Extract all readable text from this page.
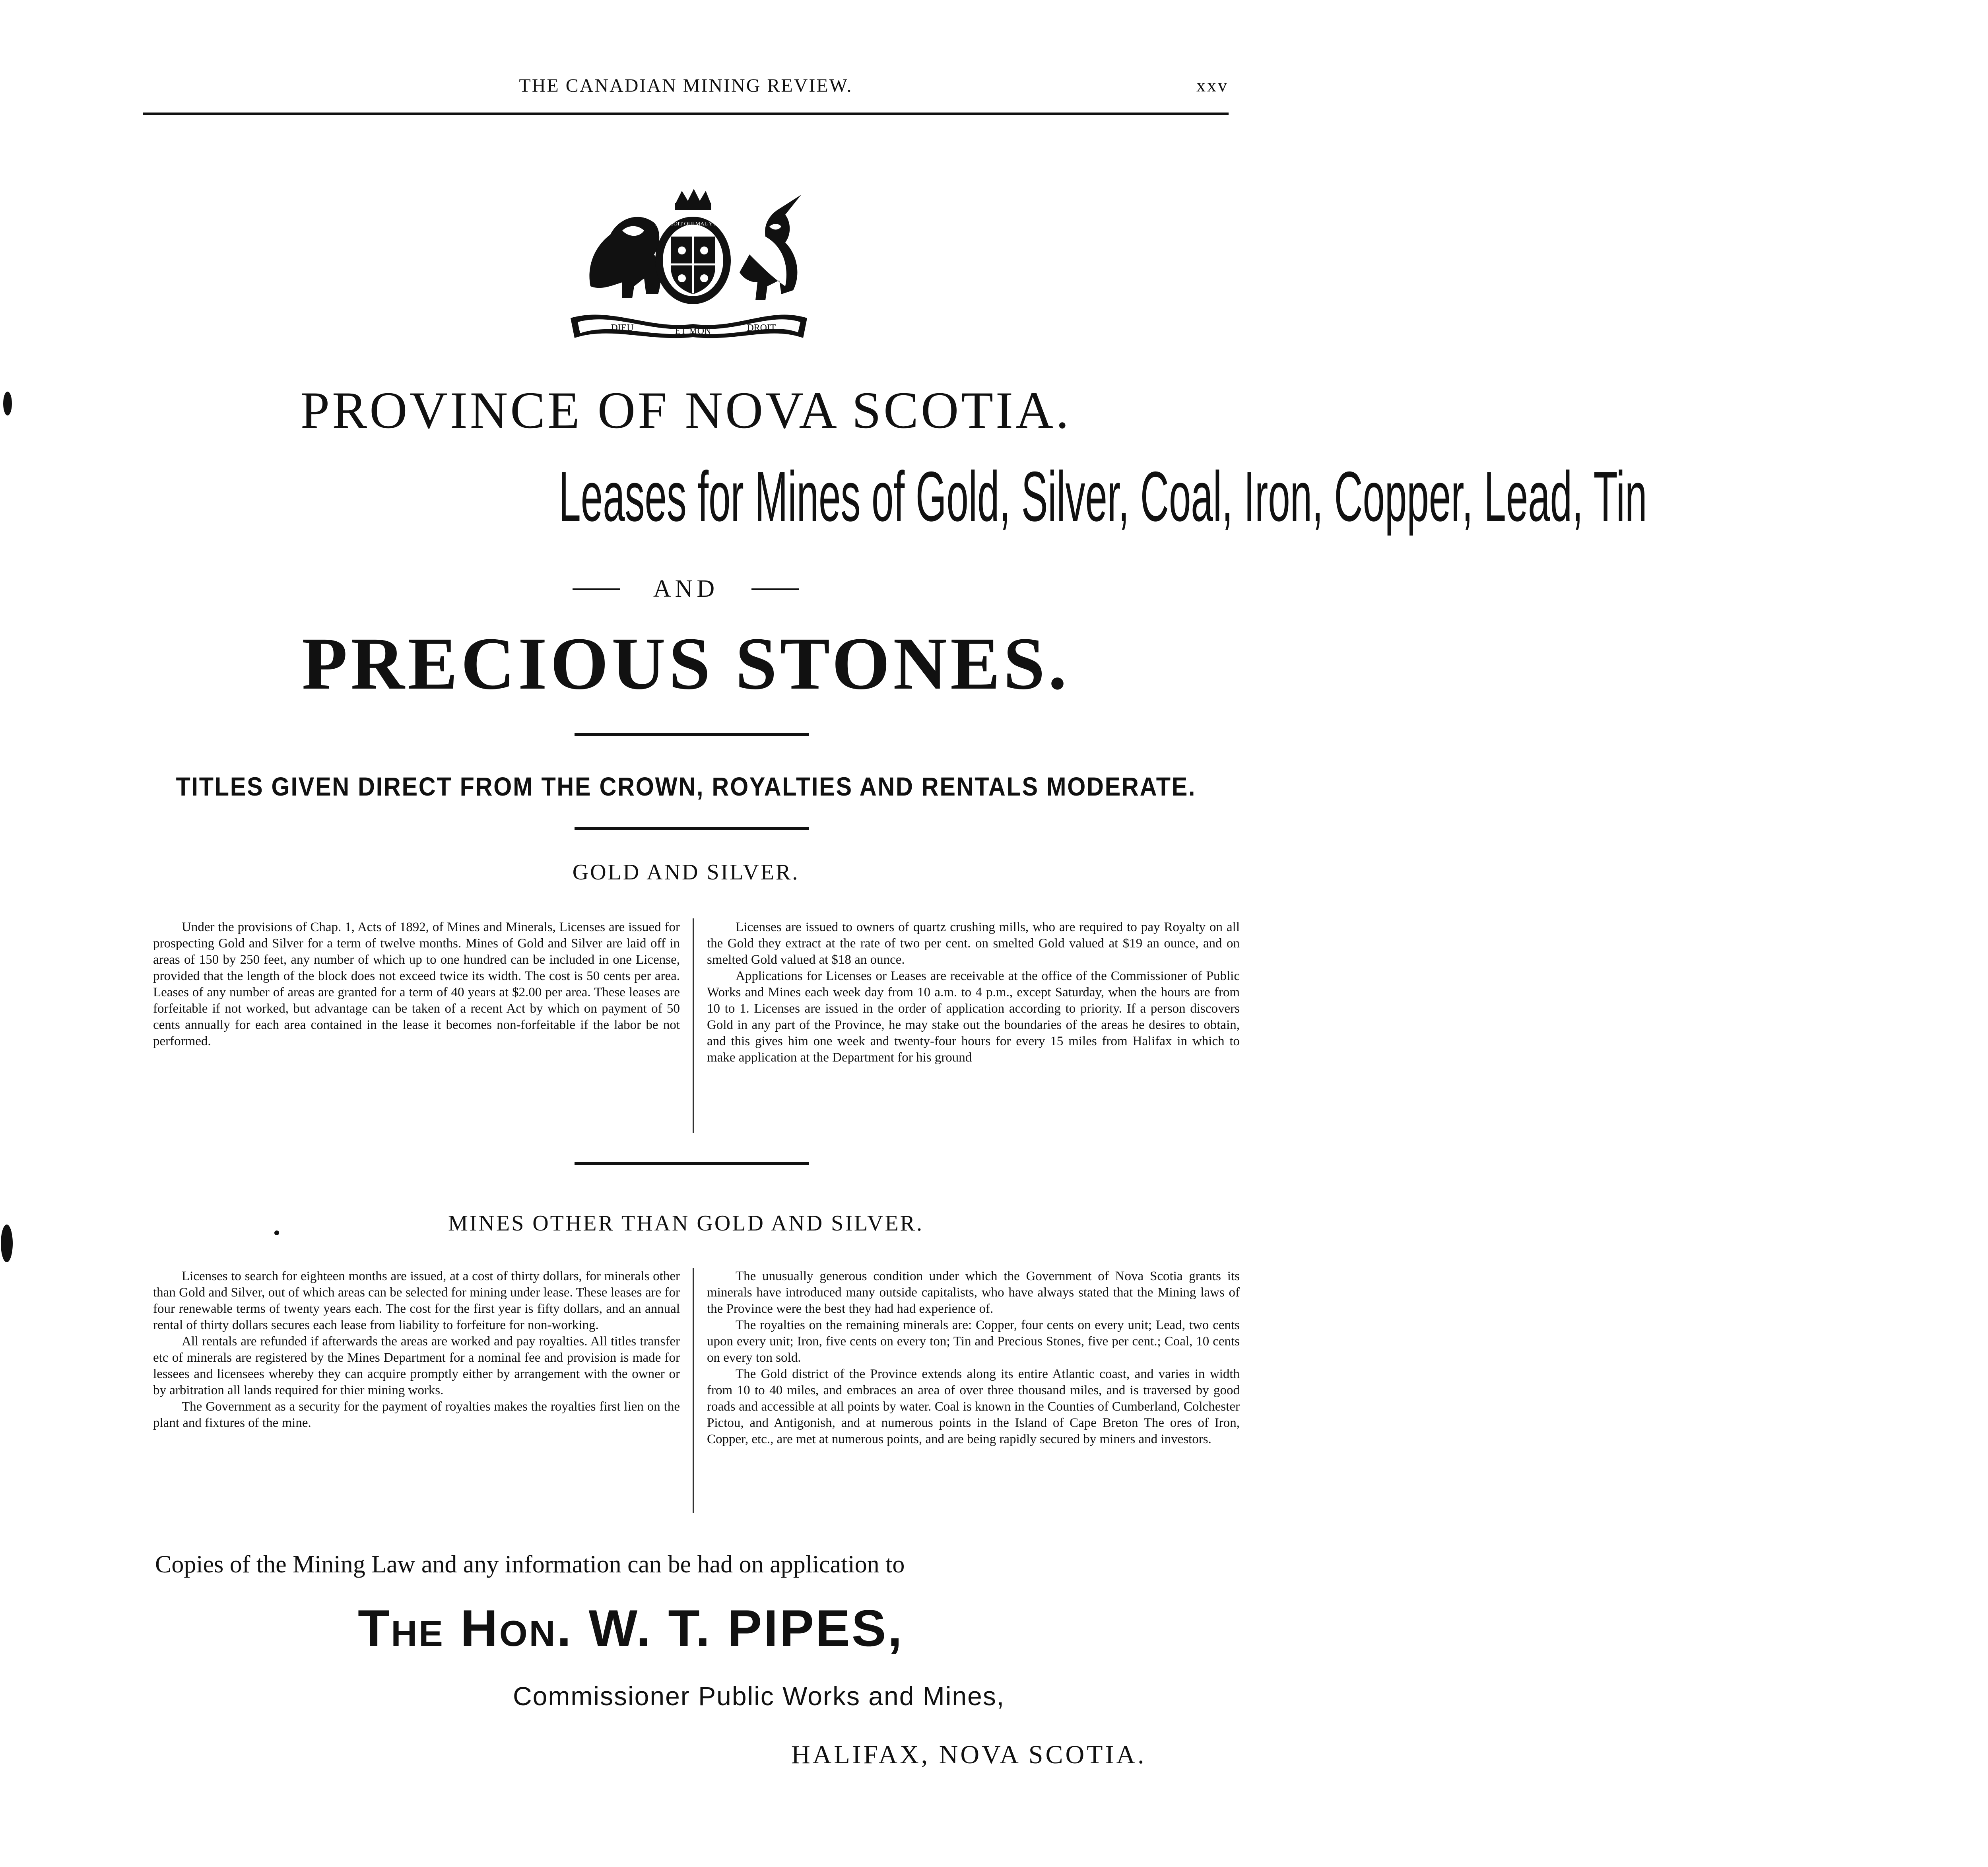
THE CANADIAN MINING REVIEW.	xxv
HONI SOIT QUI MAL Y PENSE
DIEU	ET MON	DROIT
PROVINCE OF NOVA SCOTIA.
Leases for Mines of Gold, Silver, Coal, Iron, Copper, Lead, Tin
AND
PRECIOUS STONES.
TITLES GIVEN DIRECT FROM THE CROWN, ROYALTIES AND RENTALS MODERATE.
GOLD AND SILVER.

Under the provisions of Chap. 1, Acts of 1892, of Mines and Minerals, Licenses are issued for prospecting Gold and Silver for a term of twelve months. Mines of Gold and Silver are laid off in areas of 150 by 250 feet, any number of which up to one hundred can be included in one License, provided that the length of the block does not exceed twice its width. The cost is 50 cents per area. Leases of any number of areas are granted for a term of 40 years at $2.00 per area. These leases are forfeitable if not worked, but advantage can be taken of a recent Act by which on payment of 50 cents annually for each area contained in the lease it becomes non-forfeitable if the labor be not performed.

Licenses are issued to owners of quartz crushing mills, who are required to pay Royalty on all the Gold they extract at the rate of two per cent. on smelted Gold valued at $19 an ounce, and on smelted Gold valued at $18 an ounce.

Applications for Licenses or Leases are receivable at the office of the Commissioner of Public Works and Mines each week day from 10 a.m. to 4 p.m., except Saturday, when the hours are from 10 to 1. Licenses are issued in the order of application according to priority. If a person discovers Gold in any part of the Province, he may stake out the boundaries of the areas he desires to obtain, and this gives him one week and twenty-four hours for every 15 miles from Halifax in which to make application at the Department for his ground

MINES OTHER THAN GOLD AND SILVER.

Licenses to search for eighteen months are issued, at a cost of thirty dollars, for minerals other than Gold and Silver, out of which areas can be selected for mining under lease. These leases are for four renewable terms of twenty years each. The cost for the first year is fifty dollars, and an annual rental of thirty dollars secures each lease from liability to forfeiture for non-working.

All rentals are refunded if afterwards the areas are worked and pay royalties. All titles transfer etc of minerals are registered by the Mines Department for a nominal fee and provision is made for lessees and licensees whereby they can acquire promptly either by arrangement with the owner or by arbitration all lands required for thier mining works.

The Government as a security for the payment of royalties makes the royalties first lien on the plant and fixtures of the mine.

The unusually generous condition under which the Government of Nova Scotia grants its minerals have introduced many outside capitalists, who have always stated that the Mining laws of the Province were the best they had had experience of.

The royalties on the remaining minerals are: Copper, four cents on every unit; Lead, two cents upon every unit; Iron, five cents on every ton; Tin and Precious Stones, five per cent.; Coal, 10 cents on every ton sold.

The Gold district of the Province extends along its entire Atlantic coast, and varies in width from 10 to 40 miles, and embraces an area of over three thousand miles, and is traversed by good roads and accessible at all points by water. Coal is known in the Counties of Cumberland, Colchester Pictou, and Antigonish, and at numerous points in the Island of Cape Breton The ores of Iron, Copper, etc., are met at numerous points, and are being rapidly secured by miners and investors.

Copies of the Mining Law and any information can be had on application to
The Hon. W. T. PIPES,
Commissioner Public Works and Mines,
HALIFAX, NOVA SCOTIA.
